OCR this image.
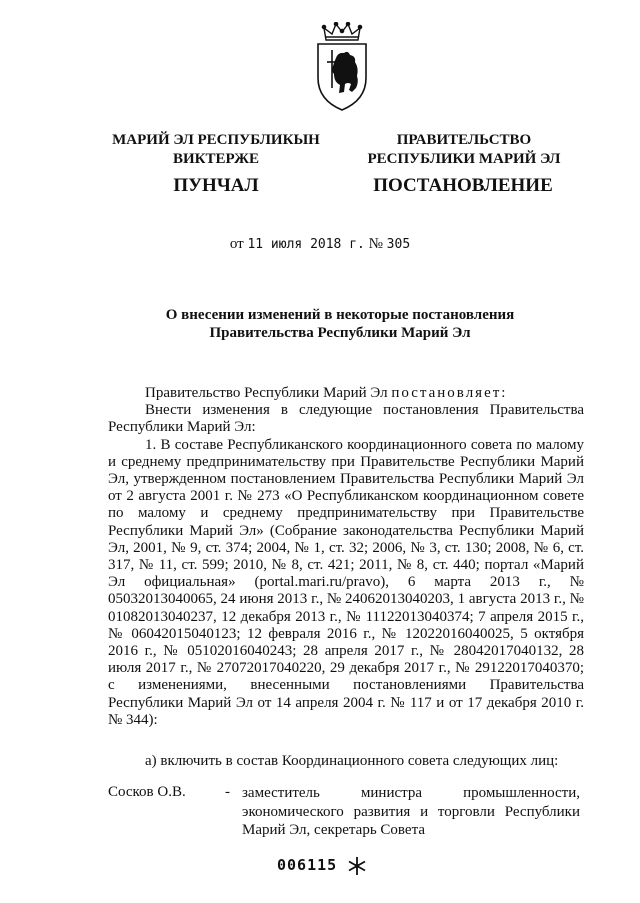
МАРИЙ ЭЛ РЕСПУБЛИКЫН
ВИКТЕРЖЕ
ПРАВИТЕЛЬСТВО
РЕСПУБЛИКИ МАРИЙ ЭЛ
ПУНЧАЛ	ПОСТАНОВЛЕНИЕ
от 11 июля 2018 г. № 305
О внесении изменений в некоторые постановления
Правительства Республики Марий Эл

Правительство Республики Марий Эл постановляет:

Внести изменения в следующие постановления Правительства Республики Марий Эл:

1. В составе Республиканского координационного совета по малому и среднему предпринимательству при Правительстве Республики Марий Эл, утвержденном постановлением Правительства Республики Марий Эл от 2 августа 2001 г. № 273 «О Республиканском координационном совете по малому и среднему предпринимательству при Правительстве Республики Марий Эл» (Собрание законодательства Республики Марий Эл, 2001, № 9, ст. 374; 2004, № 1, ст. 32; 2006, № 3, ст. 130; 2008, № 6, ст. 317, № 11, ст. 599; 2010, № 8, ст. 421; 2011, № 8, ст. 440; портал «Марий Эл официальная» (portal.mari.ru/pravo), 6 марта 2013 г., № 05032013040065, 24 июня 2013 г., № 24062013040203, 1 августа 2013 г., № 01082013040237, 12 декабря 2013 г., № 11122013040374; 7 апреля 2015 г., № 06042015040123; 12 февраля 2016 г., № 12022016040025, 5 октября 2016 г., № 05102016040243; 28 апреля 2017 г., № 28042017040132, 28 июля 2017 г., № 27072017040220, 29 декабря 2017 г., № 29122017040370; с изменениями, внесенными постановлениями Правительства Республики Марий Эл от 14 апреля 2004 г. № 117 и от 17 декабря 2010 г. № 344):

а) включить в состав Координационного совета следующих лиц:

Сосков О.В.	- заместитель министра промышленности, экономического развития и торговли Республики Марий Эл, секретарь Совета
006115
